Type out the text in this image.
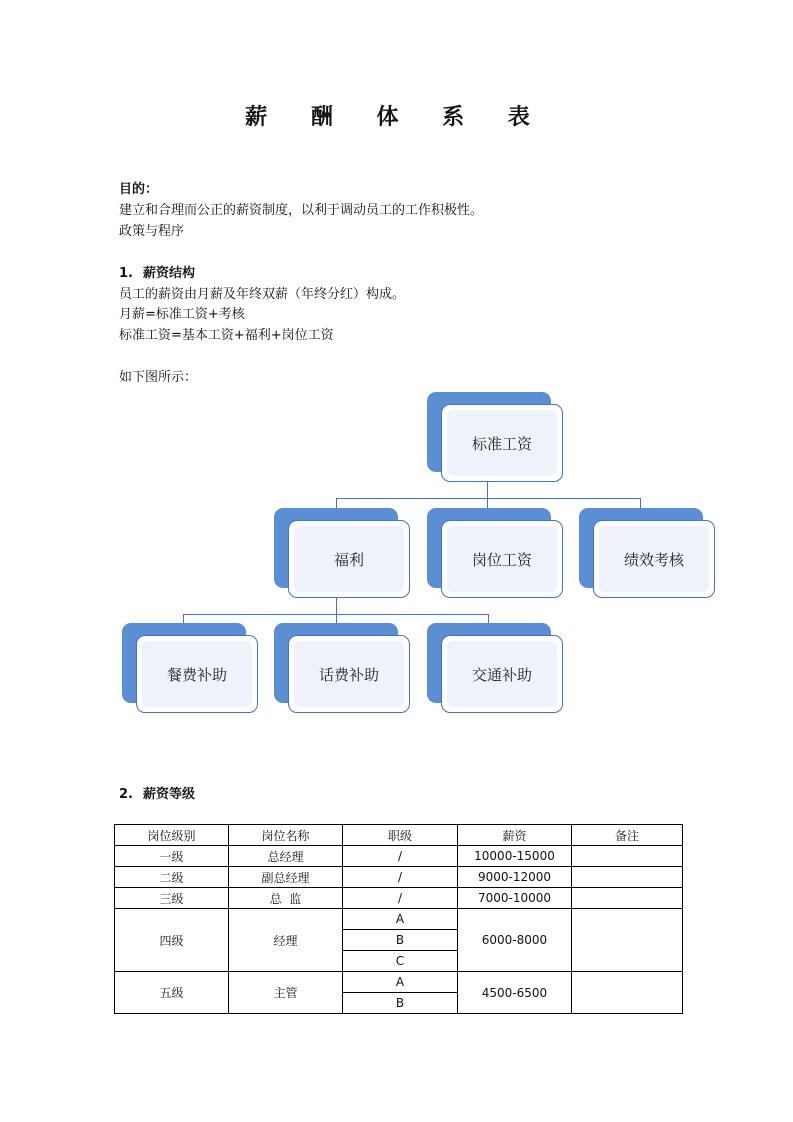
薪 酬 体 系 表
目的：
建立和合理而公正的薪资制度，以利于调动员工的工作积极性。
政策与程序
1. 薪资结构
员工的薪资由月薪及年终双薪（年终分红）构成。
月薪=标准工资+考核
标准工资=基本工资+福利+岗位工资
如下图所示：
标准工资
福利	岗位工资	绩效考核
餐费补助	话费补助	交通补助
2. 薪资等级
岗位级别	岗位名称	职级	薪资	备注
一级	总经理	/	10000-15000	
二级	副总经理	/	9000-12000	
三级	总  监	/	7000-10000	
四级	经理	A	6000-8000	
		B		
		C		
五级	主管	A	4500-6500	
		B		
